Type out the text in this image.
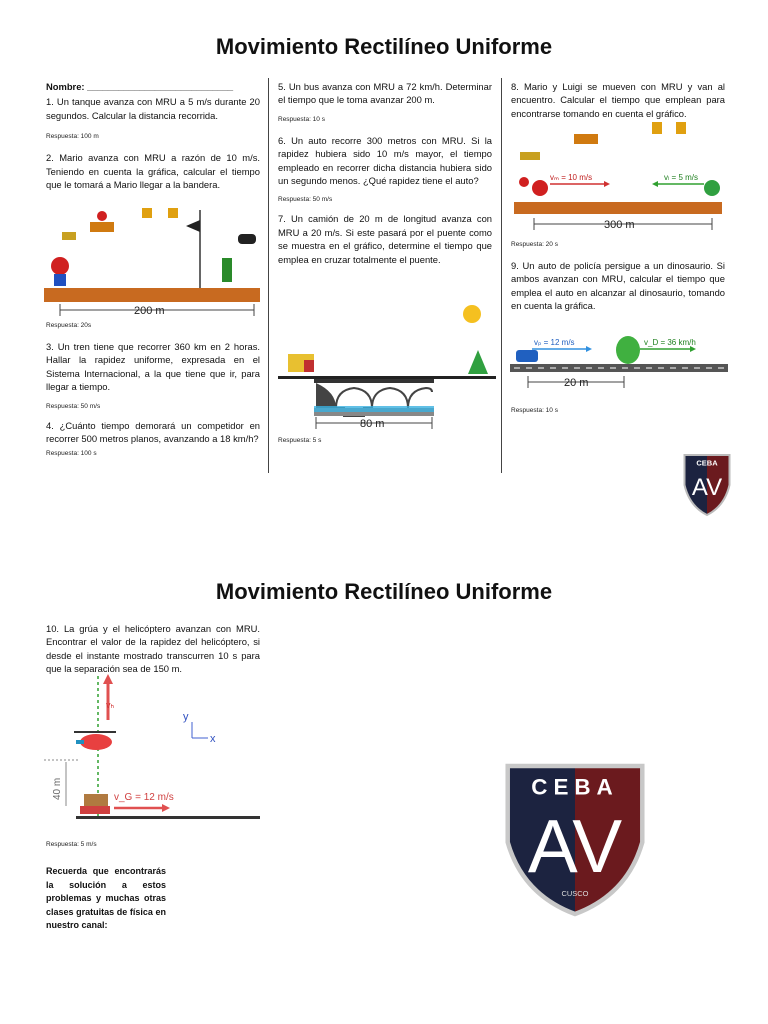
Movimiento Rectilíneo Uniforme

Nombre: ____________________________

1. Un tanque avanza con MRU a 5 m/s durante 20 segundos. Calcular la distancia recorrida.

Respuesta: 100 m

2. Mario avanza con MRU a razón de 10 m/s. Teniendo en cuenta la gráfica, calcular el tiempo que le tomará a Mario llegar a la bandera.

200 m

Respuesta: 20s

3. Un tren tiene que recorrer 360 km en 2 horas. Hallar la rapidez uniforme, expresada en el Sistema Internacional, a la que tiene que ir, para llegar a tiempo.

Respuesta: 50 m/s

4. ¿Cuánto tiempo demorará un competidor en recorrer 500 metros planos, avanzando a 18 km/h?

Respuesta: 100 s

5. Un bus avanza con MRU a 72 km/h. Determinar el tiempo que le toma avanzar 200 m.

Respuesta: 10 s

6. Un auto recorre 300 metros con MRU. Si la rapidez hubiera sido 10 m/s mayor, el tiempo empleado en recorrer dicha distancia hubiera sido un segundo menos. ¿Qué rapidez tiene el auto?

Respuesta: 50 m/s

7. Un camión de 20 m de longitud avanza con MRU a 20 m/s. Si este pasará por el puente como se muestra en el gráfico, determine el tiempo que emplea en cruzar totalmente el puente.

80 m

Respuesta: 5 s

8. Mario y Luigi se mueven con MRU y van al encuentro. Calcular el tiempo que emplean para encontrarse tomando en cuenta el gráfico.

vₘ = 10 m/s	vₗ = 5 m/s
300 m

Respuesta: 20 s

9. Un auto de policía persigue a un dinosaurio. Si ambos avanzan con MRU, calcular el tiempo que emplea el auto en alcanzar al dinosaurio, tomando en cuenta la gráfica.

vₚ = 12 m/s	v_D = 36 km/h
20 m

Respuesta: 10 s

CEBA
AV
Movimiento Rectilíneo Uniforme

10. La grúa y el helicóptero avanzan con MRU. Encontrar el valor de la rapidez del helicóptero, si desde el instante mostrado transcurren 10 s para que la separación sea de 150 m.

vₕ
y
x
40 m	v_G = 12 m/s

Respuesta: 5 m/s

Recuerda que encontrarás la solución a estos problemas y muchas otras clases gratuitas de física en nuestro canal:

CEBA
AV
CUSCO
